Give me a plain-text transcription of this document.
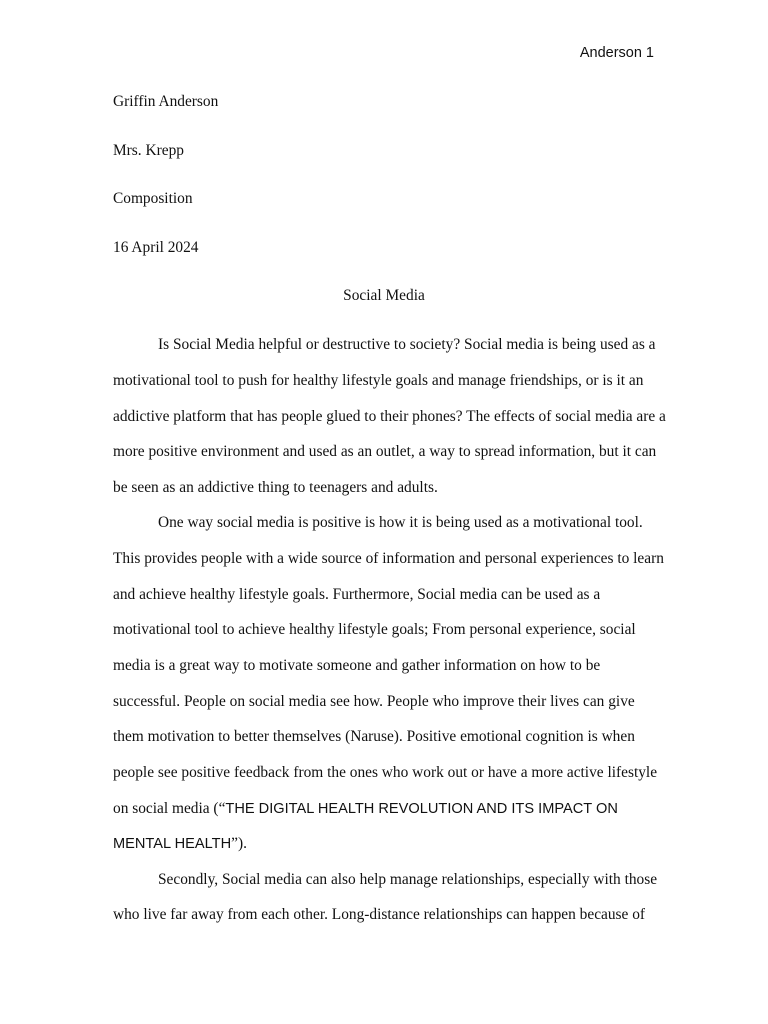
Anderson 1
Griffin Anderson
Mrs. Krepp
Composition
16 April 2024
Social Media
Is Social Media helpful or destructive to society? Social media is being used as a
motivational tool to push for healthy lifestyle goals and manage friendships, or is it an
addictive platform that has people glued to their phones? The effects of social media are a
more positive environment and used as an outlet, a way to spread information, but it can
be seen as an addictive thing to teenagers and adults.
One way social media is positive is how it is being used as a motivational tool.
This provides people with a wide source of information and personal experiences to learn
and achieve healthy lifestyle goals. Furthermore, Social media can be used as a
motivational tool to achieve healthy lifestyle goals; From personal experience, social
media is a great way to motivate someone and gather information on how to be
successful. People on social media see how. People who improve their lives can give
them motivation to better themselves (Naruse). Positive emotional cognition is when
people see positive feedback from the ones who work out or have a more active lifestyle
on social media (“THE DIGITAL HEALTH REVOLUTION AND ITS IMPACT ON
MENTAL HEALTH”).
Secondly, Social media can also help manage relationships, especially with those
who live far away from each other. Long-distance relationships can happen because of
